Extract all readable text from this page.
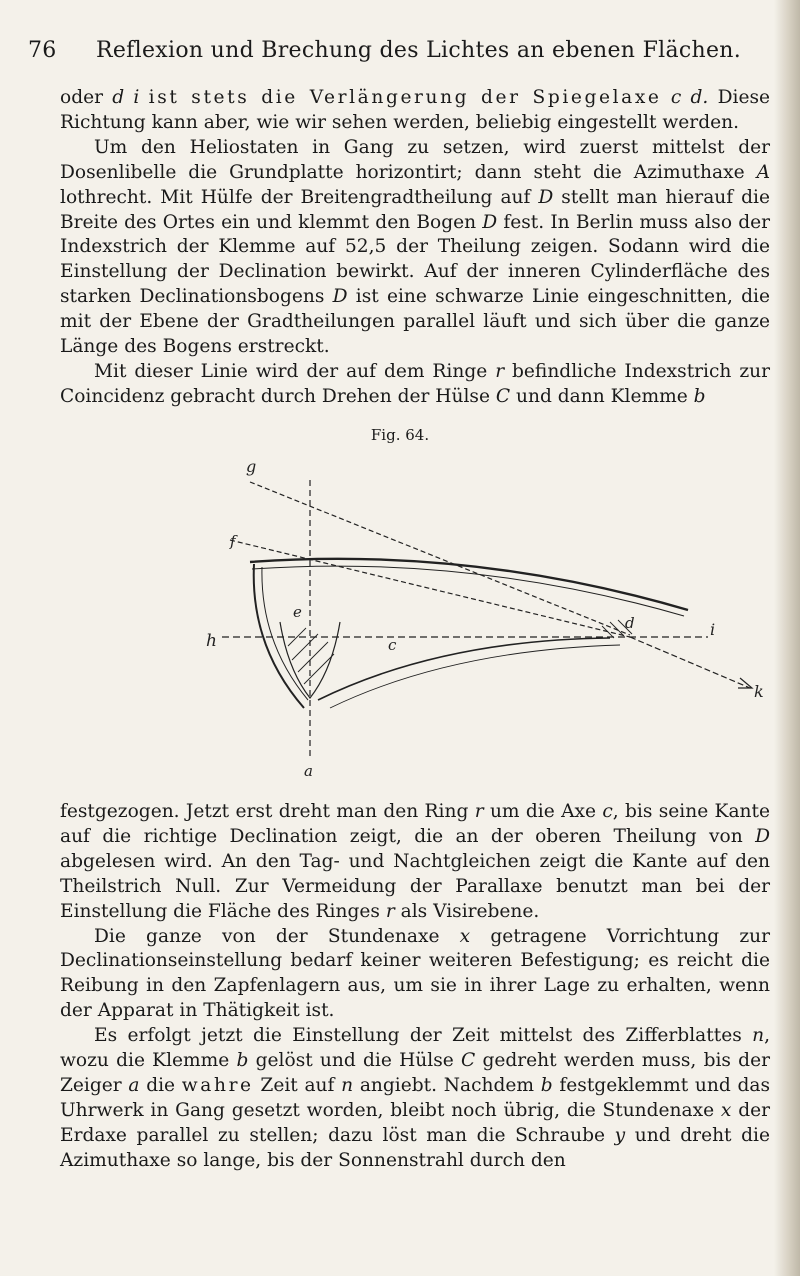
76 Reflexion und Brechung des Lichtes an ebenen Flächen.

oder d i ist stets die Verlängerung der Spiegelaxe c d. Diese Richtung kann aber, wie wir sehen werden, beliebig eingestellt werden.

Um den Heliostaten in Gang zu setzen, wird zuerst mittelst der Dosenlibelle die Grundplatte horizontirt; dann steht die Azimuthaxe A lothrecht. Mit Hülfe der Breitengradtheilung auf D stellt man hierauf die Breite des Ortes ein und klemmt den Bogen D fest. In Berlin muss also der Indexstrich der Klemme auf 52,5 der Theilung zeigen. Sodann wird die Einstellung der Declination bewirkt. Auf der inneren Cylinderfläche des starken Declinationsbogens D ist eine schwarze Linie eingeschnitten, die mit der Ebene der Gradtheilungen parallel läuft und sich über die ganze Länge des Bogens erstreckt.

Mit dieser Linie wird der auf dem Ringe r befindliche Indexstrich zur Coincidenz gebracht durch Drehen der Hülse C und dann Klemme b

Fig. 64.
g
f
h
e
d	i
c
k
a

festgezogen. Jetzt erst dreht man den Ring r um die Axe c, bis seine Kante auf die richtige Declination zeigt, die an der oberen Theilung von D abgelesen wird. An den Tag- und Nachtgleichen zeigt die Kante auf den Theilstrich Null. Zur Vermeidung der Parallaxe benutzt man bei der Einstellung die Fläche des Ringes r als Visirebene.

Die ganze von der Stundenaxe x getragene Vorrichtung zur Declinationseinstellung bedarf keiner weiteren Befestigung; es reicht die Reibung in den Zapfenlagern aus, um sie in ihrer Lage zu erhalten, wenn der Apparat in Thätigkeit ist.

Es erfolgt jetzt die Einstellung der Zeit mittelst des Zifferblattes n, wozu die Klemme b gelöst und die Hülse C gedreht werden muss, bis der Zeiger a die wahre Zeit auf n angiebt. Nachdem b festgeklemmt und das Uhrwerk in Gang gesetzt worden, bleibt noch übrig, die Stundenaxe x der Erdaxe parallel zu stellen; dazu löst man die Schraube y und dreht die Azimuthaxe so lange, bis der Sonnenstrahl durch den
